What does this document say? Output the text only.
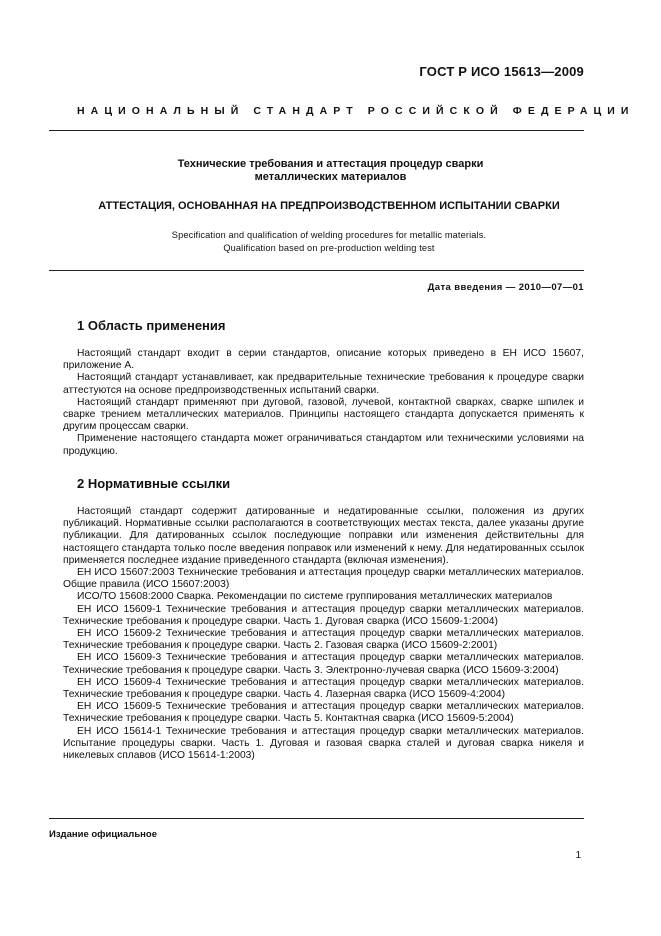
ГОСТ Р ИСО 15613—2009
НАЦИОНАЛЬНЫЙ СТАНДАРТ РОССИЙСКОЙ ФЕДЕРАЦИИ
Технические требования и аттестация процедур сварки
металлических материалов
АТТЕСТАЦИЯ, ОСНОВАННАЯ НА ПРЕДПРОИЗВОДСТВЕННОМ ИСПЫТАНИИ СВАРКИ
Specification and qualification of welding procedures for metallic materials.
Qualification based on pre-production welding test
Дата введения — 2010—07—01
1 Область применения

Настоящий стандарт входит в серии стандартов, описание которых приведено в ЕН ИСО 15607, приложение А.

Настоящий стандарт устанавливает, как предварительные технические требования к процедуре сварки аттестуются на основе предпроизводственных испытаний сварки.

Настоящий стандарт применяют при дуговой, газовой, лучевой, контактной сварках, сварке шпилек и сварке трением металлических материалов. Принципы настоящего стандарта допускается применять к другим процессам сварки.

Применение настоящего стандарта может ограничиваться стандартом или техническими условиями на продукцию.

2 Нормативные ссылки

Настоящий стандарт содержит датированные и недатированные ссылки, положения из других публикаций. Нормативные ссылки располагаются в соответствующих местах текста, далее указаны другие публикации. Для датированных ссылок последующие поправки или изменения действительны для настоящего стандарта только после введения поправок или изменений к нему. Для недатированных ссылок применяется последнее издание приведенного стандарта (включая изменения).

ЕН ИСО 15607:2003 Технические требования и аттестация процедур сварки металлических материалов. Общие правила (ИСО 15607:2003)

ИСО/ТО 15608:2000 Сварка. Рекомендации по системе группирования металлических материалов

ЕН ИСО 15609-1 Технические требования и аттестация процедур сварки металлических материалов. Технические требования к процедуре сварки. Часть 1. Дуговая сварка (ИСО 15609-1:2004)

ЕН ИСО 15609-2 Технические требования и аттестация процедур сварки металлических материалов. Технические требования к процедуре сварки. Часть 2. Газовая сварка (ИСО 15609-2:2001)

ЕН ИСО 15609-3 Технические требования и аттестация процедур сварки металлических материалов. Технические требования к процедуре сварки. Часть 3. Электронно-лучевая сварка (ИСО 15609-3:2004)

ЕН ИСО 15609-4 Технические требования и аттестация процедур сварки металлических материалов. Технические требования к процедуре сварки. Часть 4. Лазерная сварка (ИСО 15609-4:2004)

ЕН ИСО 15609-5 Технические требования и аттестация процедур сварки металлических материалов. Технические требования к процедуре сварки. Часть 5. Контактная сварка (ИСО 15609-5:2004)

ЕН ИСО 15614-1 Технические требования и аттестация процедур сварки металлических материалов. Испытание процедуры сварки. Часть 1. Дуговая и газовая сварка сталей и дуговая сварка никеля и никелевых сплавов (ИСО 15614-1:2003)

Издание официальное
1
